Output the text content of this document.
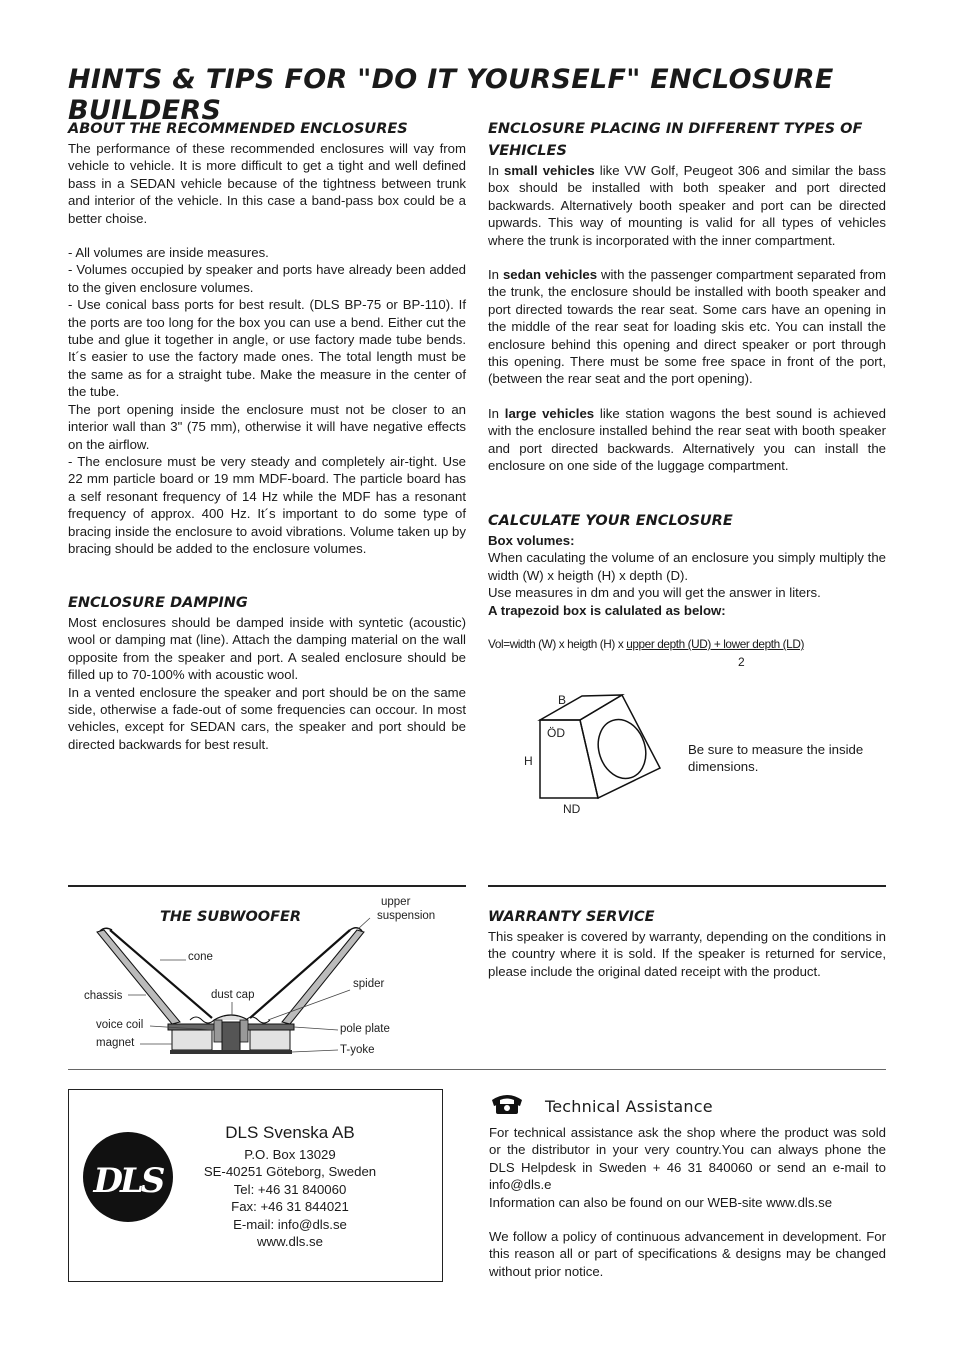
HINTS & TIPS FOR "DO IT YOURSELF" ENCLOSURE BUILDERS
ABOUT THE RECOMMENDED ENCLOSURES

The performance of these recommended enclosures will vay from vehicle to vehicle. It is more difficult to get a tight and well defined bass in a SEDAN vehicle because of the tightness between trunk and interior of the vehicle. In this case a band-pass box could be a better choise.

- All volumes are inside measures.

- Volumes occupied by speaker and ports have already been added to the given enclosure volumes.

- Use conical bass ports for best result. (DLS BP-75 or BP-110). If the ports are too long for the box you can use a bend. Either cut the tube and glue it together in angle, or use factory made tube bends. It´s easier to use the factory made ones. The total length must be the same as for a straight tube. Make the measure in the center of the tube.

The port opening inside the enclosure must not be closer to an interior wall than 3" (75 mm), otherwise it will have negative effects on the airflow.

- The enclosure must be very steady and completely air-tight. Use 22 mm particle board or 19 mm MDF-board. The particle board has a self resonant frequency of 14 Hz while the MDF has a resonant frequency of approx. 400 Hz. It´s important to do some type of bracing inside the enclosure to avoid vibrations. Volume taken up by bracing should be added to the enclosure volumes.

ENCLOSURE DAMPING

Most enclosures should be damped inside with syntetic (acoustic) wool or damping mat (line). Attach the damping material on the wall opposite from the speaker and port. A sealed enclosure should be filled up to 70-100% with acoustic wool.

In a vented enclosure the speaker and port should be on the same side, otherwise a fade-out of some frequencies can occour. In most vehicles, except for SEDAN cars, the speaker and port should be directed backwards for best result.

ENCLOSURE PLACING IN DIFFERENT TYPES OF VEHICLES

In small vehicles like VW Golf, Peugeot 306 and similar the bass box should be installed with both speaker and port directed backwards. Alternatively booth speaker and port can be directed upwards. This way of mounting is valid for all types of vehicles where the trunk is incorporated with the inner compartment.

In sedan vehicles with the passenger compartment separated from the trunk, the enclosure should be installed with booth speaker and port directed towards the rear seat. Some cars have an opening in the middle of the rear seat for loading skis etc. You can install the enclosure behind this opening and direct speaker or port through this opening. There must be some free space in front of the port, (between the rear seat and the port opening).

In large vehicles like station wagons the best sound is achieved with the enclosure installed behind the rear seat with booth speaker and port directed backwards. Alternatively you can install the enclosure on one side of the luggage compartment.

CALCULATE YOUR ENCLOSURE

Box volumes:

When caculating the volume of an enclosure you simply multiply the width (W) x heigth (H) x depth (D).

Use measures in dm and you will get the answer in liters.

A trapezoid box is calulated as below:

Vol=width (W) x heigth (H) x upper depth (UD) + lower depth (LD)
2
B
ÖD
H
ND
Be sure to measure the inside dimensions.
THE SUBWOOFER
upper
suspension
cone
spider
chassis	dust cap
voice coil	pole plate
magnet
T-yoke
WARRANTY SERVICE

This speaker is covered by warranty, depending on the conditions in the country where it is sold. If the speaker is returned for service, please include the original dated receipt with the product.

DLS
DLS Svenska AB
P.O. Box 13029
SE-40251 Göteborg, Sweden
Tel: +46 31 840060
Fax: +46 31 844021
E-mail: info@dls.se
www.dls.se
Technical Assistance

For technical assistance ask the shop where the product was sold or the distributor in your very country.You can always phone the DLS Helpdesk in Sweden + 46 31 840060 or send an e-mail to info@dls.e

Information can also be found on our WEB-site www.dls.se

We follow a policy of continuous advancement in development. For this reason all or part of specifications & designs may be changed without prior notice.
